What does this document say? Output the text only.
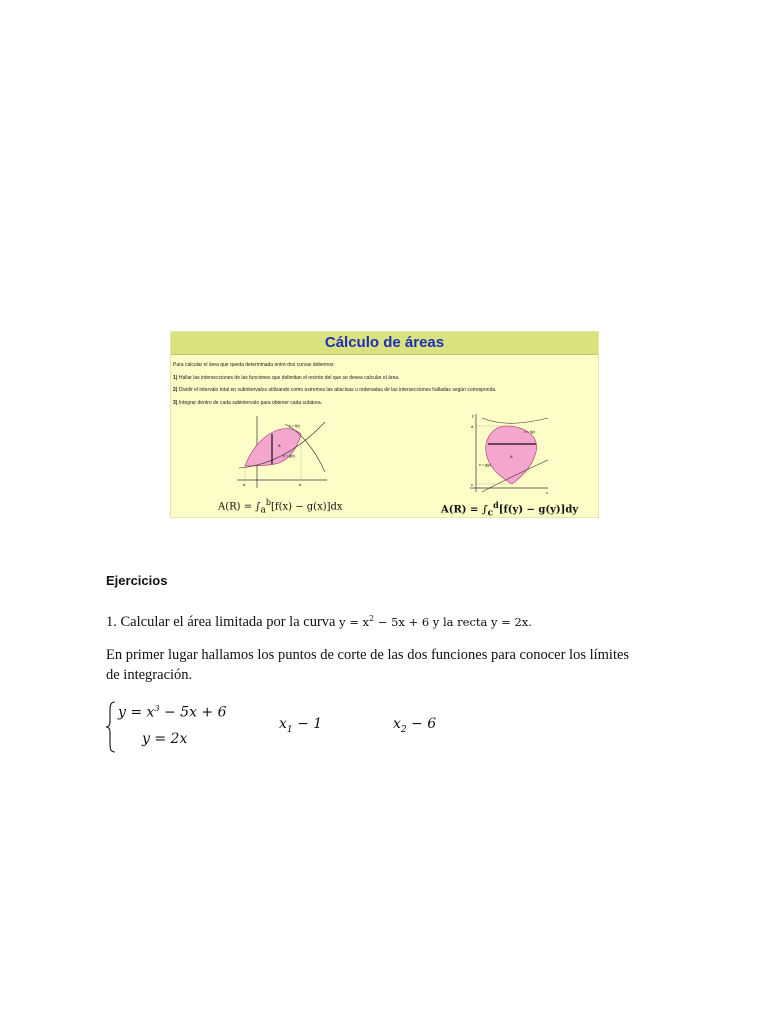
Cálculo de áreas
Para calcular el área que queda determinada entre dos curvas debemos:
1) Hallar las intersecciones de las funciones que delimitan el recinto del que se desea calcular el área.
2) Dividir el intervalo total en subintervalos utilizando como extremos las abscisas u ordenadas de las intersecciones halladas según corresponda.
3) Integrar dentro de cada subintervalo para obtener cada subárea.
y = f(x)
y = g(x)
A
a	b
y
x
x = f(y)
x = g(y)
A
d
c
$A(R) = \int_a^b[f(x) - g(x)]dx$	$A(R) = \int_c^d[f(y) - g(y)]dy$
Ejercicios
1. Calcular el área limitada por la curva $y = x^2 - 5x + 6$ y la recta y = 2x.
En primer lugar hallamos los puntos de corte de las dos funciones para conocer los límites
de integración.
$y = x^3 - 5x + 6$
y = 2x
$x_1 - 1$	$x_2 - 6$
